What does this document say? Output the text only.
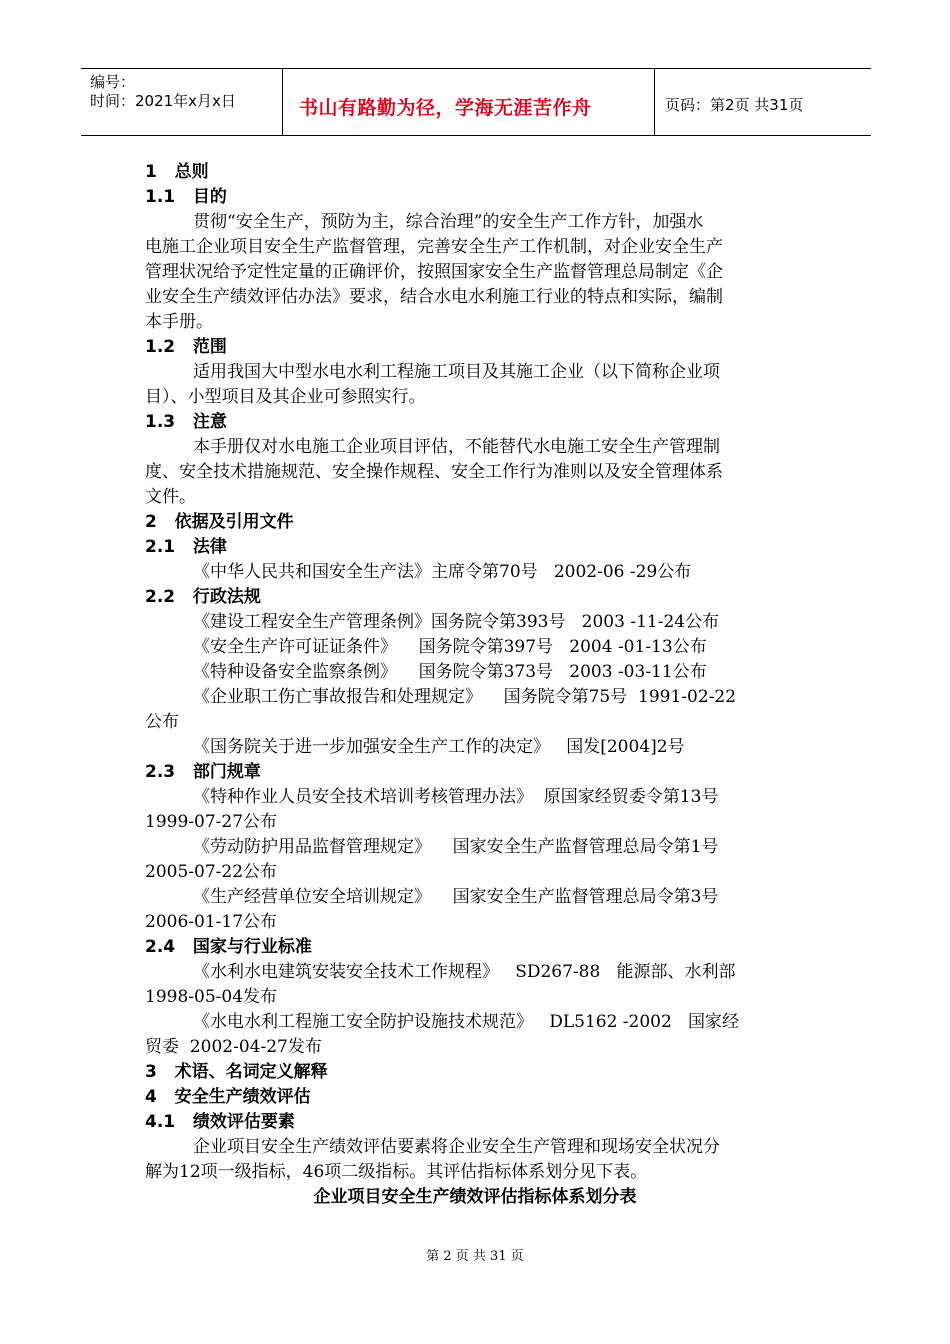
编号：
时间：2021年x月x日	书山有路勤为径，学海无涯苦作舟	页码：第2页 共31页
1   总则
1.1   目的
贯彻“安全生产，预防为主，综合治理”的安全生产工作方针，加强水
电施工企业项目安全生产监督管理，完善安全生产工作机制，对企业安全生产
管理状况给予定性定量的正确评价，按照国家安全生产监督管理总局制定《企
业安全生产绩效评估办法》要求，结合水电水利施工行业的特点和实际，编制
本手册。
1.2   范围
适用我国大中型水电水利工程施工项目及其施工企业（以下简称企业项
目）、小型项目及其企业可参照实行。
1.3   注意
本手册仅对水电施工企业项目评估，不能替代水电施工安全生产管理制
度、安全技术措施规范、安全操作规程、安全工作行为准则以及安全管理体系
文件。
2   依据及引用文件
2.1   法律
《中华人民共和国安全生产法》主席令第70号   2002-06 -29公布
2.2   行政法规
《建设工程安全生产管理条例》国务院令第393号   2003 -11-24公布
《安全生产许可证证条件》    国务院令第397号   2004 -01-13公布
《特种设备安全监察条例》    国务院令第373号   2003 -03-11公布
《企业职工伤亡事故报告和处理规定》    国务院令第75号  1991-02-22
公布
《国务院关于进一步加强安全生产工作的决定》   国发[2004]2号
2.3   部门规章
《特种作业人员安全技术培训考核管理办法》  原国家经贸委令第13号
1999-07-27公布
《劳动防护用品监督管理规定》    国家安全生产监督管理总局令第1号
2005-07-22公布
《生产经营单位安全培训规定》    国家安全生产监督管理总局令第3号
2006-01-17公布
2.4   国家与行业标准
《水利水电建筑安装安全技术工作规程》   SD267-88   能源部、水利部
1998-05-04发布
《水电水利工程施工安全防护设施技术规范》   DL5162 -2002   国家经
贸委  2002-04-27发布
3   术语、名词定义解释
4   安全生产绩效评估
4.1   绩效评估要素
企业项目安全生产绩效评估要素将企业安全生产管理和现场安全状况分
解为12项一级指标，46项二级指标。其评估指标体系划分见下表。
企业项目安全生产绩效评估指标体系划分表
第 2 页 共 31 页
